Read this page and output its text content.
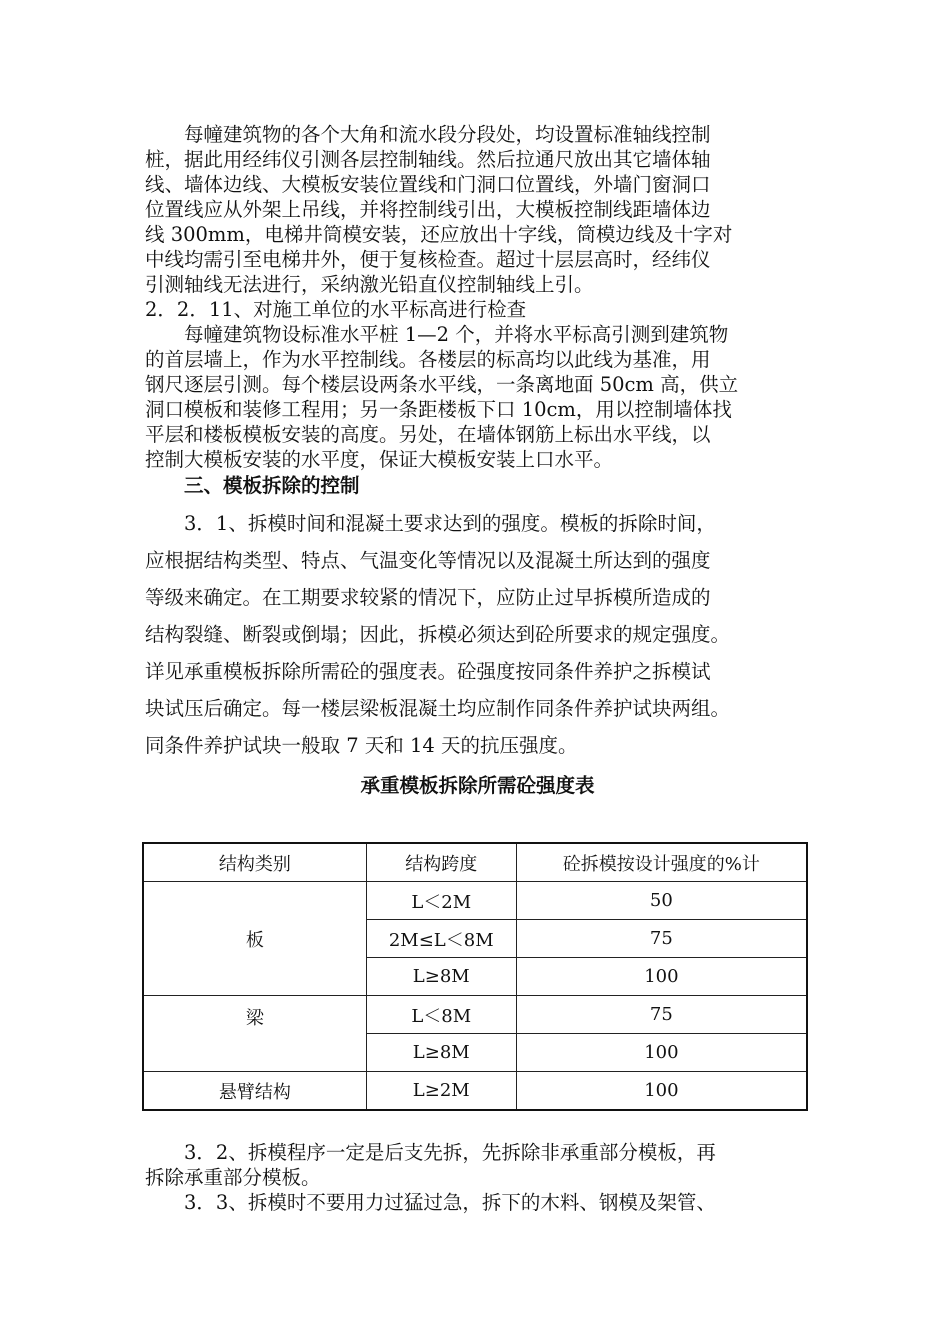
每幢建筑物的各个大角和流水段分段处，均设置标准轴线控制
桩，据此用经纬仪引测各层控制轴线。然后拉通尺放出其它墙体轴
线、墙体边线、大模板安装位置线和门洞口位置线，外墙门窗洞口
位置线应从外架上吊线，并将控制线引出，大模板控制线距墙体边
线 300mm，电梯井筒模安装，还应放出十字线，筒模边线及十字对
中线均需引至电梯井外，便于复核检查。超过十层层高时，经纬仪
引测轴线无法进行，采纳激光铅直仪控制轴线上引。
2．2．11、对施工单位的水平标高进行检查
每幢建筑物设标准水平桩 1—2 个，并将水平标高引测到建筑物
的首层墙上，作为水平控制线。各楼层的标高均以此线为基准，用
钢尺逐层引测。每个楼层设两条水平线，一条离地面 50cm 高，供立
洞口模板和装修工程用；另一条距楼板下口 10cm，用以控制墙体找
平层和楼板模板安装的高度。另处，在墙体钢筋上标出水平线，以
控制大模板安装的水平度，保证大模板安装上口水平。
三、模板拆除的控制
3．1、拆模时间和混凝土要求达到的强度。模板的拆除时间，
应根据结构类型、特点、气温变化等情况以及混凝土所达到的强度
等级来确定。在工期要求较紧的情况下，应防止过早拆模所造成的
结构裂缝、断裂或倒塌；因此，拆模必须达到砼所要求的规定强度。
详见承重模板拆除所需砼的强度表。砼强度按同条件养护之拆模试
块试压后确定。每一楼层梁板混凝土均应制作同条件养护试块两组。
同条件养护试块一般取 7 天和 14 天的抗压强度。
承重模板拆除所需砼强度表
结构类别	结构跨度	砼拆模按设计强度的%计
板	L＜2M	50
	2M≤L＜8M	75
	L≥8M	100
梁	L＜8M	75
	L≥8M	100
悬臂结构	L≥2M	100
3．2、拆模程序一定是后支先拆，先拆除非承重部分模板，再
拆除承重部分模板。
3．3、拆模时不要用力过猛过急，拆下的木料、钢模及架管、
